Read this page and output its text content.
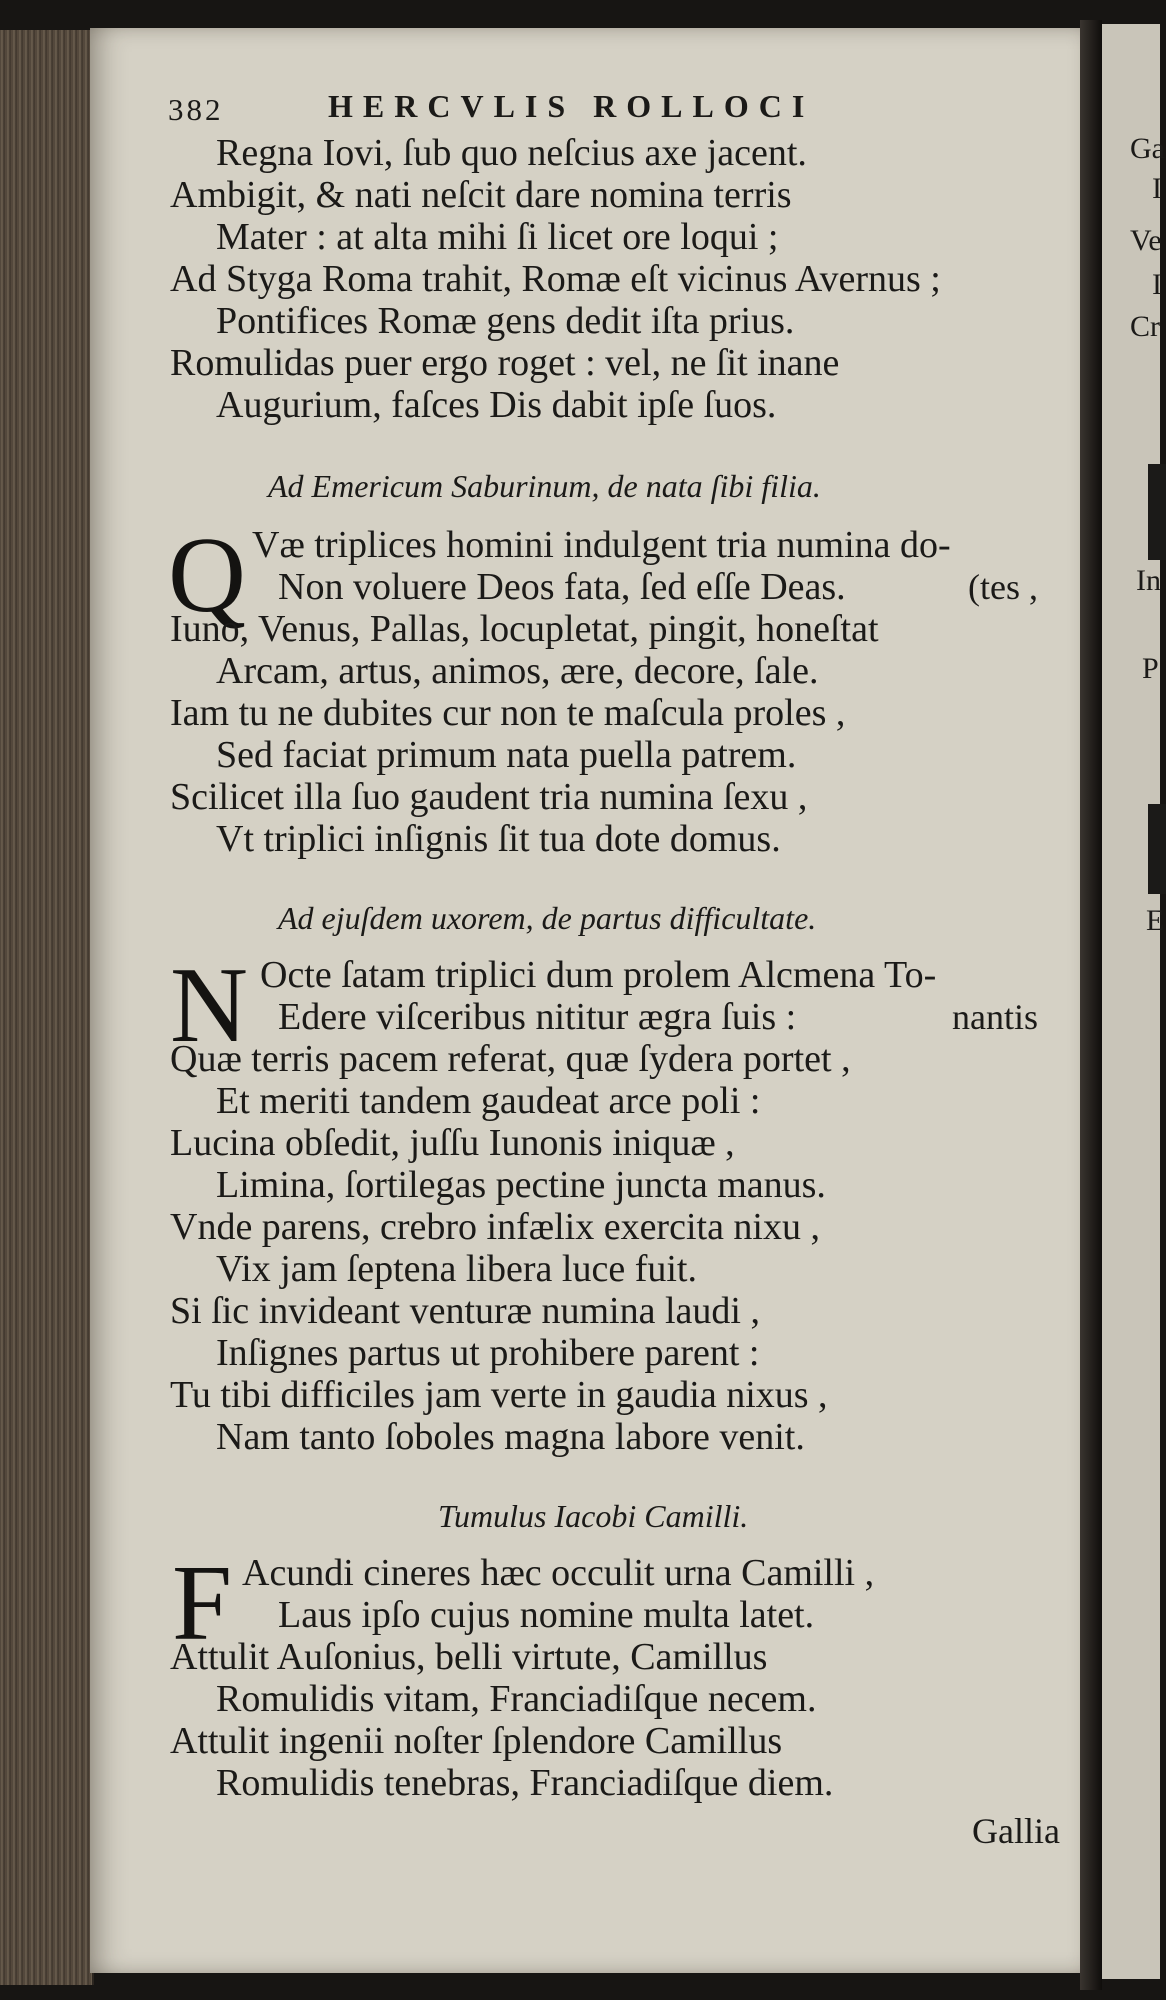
382	HERCVLIS ROLLOCI
Regna Iovi, ſub quo neſcius axe jacent.
Ambigit, & nati neſcit dare nomina terris
Mater : at alta mihi ſi licet ore loqui ;
Ad Styga Roma trahit, Romæ eſt vicinus Avernus ;
Pontifices Romæ gens dedit iſta prius.
Romulidas puer ergo roget : vel, ne ſit inane
Augurium, faſces Dis dabit ipſe ſuos.
Ad Emericum Saburinum, de nata ſibi filia.
Q Væ triplices homini indulgent tria numina do-
Non voluere Deos fata, ſed eſſe Deas.	(tes ,
Iuno, Venus, Pallas, locupletat, pingit, honeſtat
Arcam, artus, animos, ære, decore, ſale.
Iam tu ne dubites cur non te maſcula proles ,
Sed faciat primum nata puella patrem.
Scilicet illa ſuo gaudent tria numina ſexu ,
Vt triplici inſignis ſit tua dote domus.
Ad ejuſdem uxorem, de partus difficultate.
N Octe ſatam triplici dum prolem Alcmena To-
Edere viſceribus nititur ægra ſuis :	nantis
Quæ terris pacem referat, quæ ſydera portet ,
Et meriti tandem gaudeat arce poli :
Lucina obſedit, juſſu Iunonis iniquæ ,
Limina, ſortilegas pectine juncta manus.
Vnde parens, crebro infælix exercita nixu ,
Vix jam ſeptena libera luce fuit.
Si ſic invideant venturæ numina laudi ,
Inſignes partus ut prohibere parent :
Tu tibi difficiles jam verte in gaudia nixus ,
Nam tanto ſoboles magna labore venit.
Tumulus Iacobi Camilli.
F Acundi cineres hæc occulit urna Camilli ,
Laus ipſo cujus nomine multa latet.
Attulit Auſonius, belli virtute, Camillus
Romulidis vitam, Franciadiſque necem.
Attulit ingenii noſter ſplendore Camillus
Romulidis tenebras, Franciadiſque diem.
Gallia
Ga
I
Ve
I
Cr
In
P
E
